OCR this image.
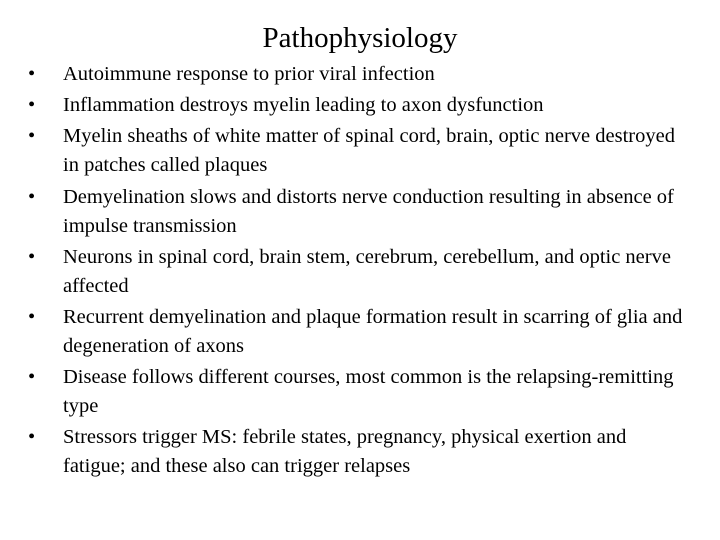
Pathophysiology
•	Autoimmune response to prior viral infection
•	Inflammation destroys myelin leading to axon dysfunction
•	Myelin sheaths of white matter of spinal cord, brain, optic nerve destroyed in patches called plaques
•	Demyelination slows and distorts nerve conduction resulting in absence of impulse transmission
•	Neurons in spinal cord, brain stem, cerebrum, cerebellum, and optic nerve affected
•	Recurrent demyelination and plaque formation result in scarring of glia and degeneration of axons
•	Disease follows different courses, most common is the relapsing-remitting type
•	Stressors trigger MS: febrile states, pregnancy, physical exertion and fatigue; and these also can trigger relapses
